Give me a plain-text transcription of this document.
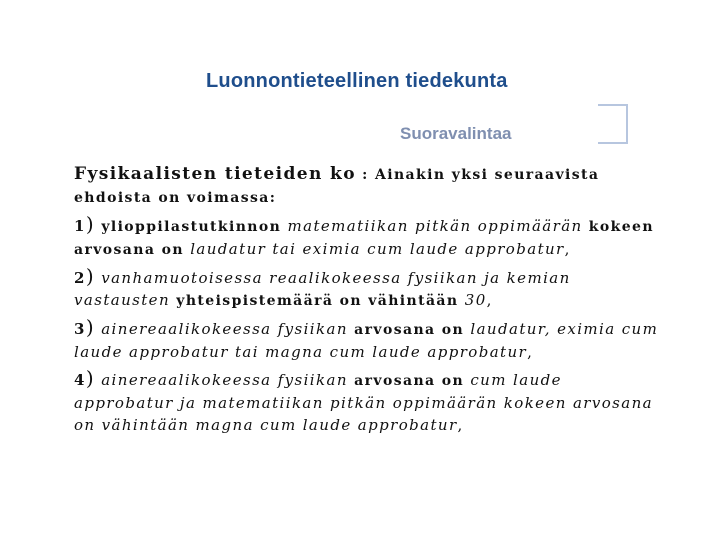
Luonnontieteellinen tiedekunta
Suoravalintaa
Fysikaalisten tieteiden ko : Ainakin yksi seuraavista ehdoista on voimassa:
1) ylioppilastutkinnon matematiikan pitkän oppimäärän kokeen arvosana on laudatur tai eximia cum laude approbatur,
2) vanhamuotoisessa reaalikokeessa fysiikan ja kemian vastausten yhteispistemäärä on vähintään 30,
3) ainereaalikokeessa fysiikan arvosana on laudatur, eximia cum laude approbatur tai magna cum laude approbatur,
4) ainereaalikokeessa fysiikan arvosana on cum laude approbatur ja matematiikan pitkän oppimäärän kokeen arvosana on vähintään magna cum laude approbatur,
